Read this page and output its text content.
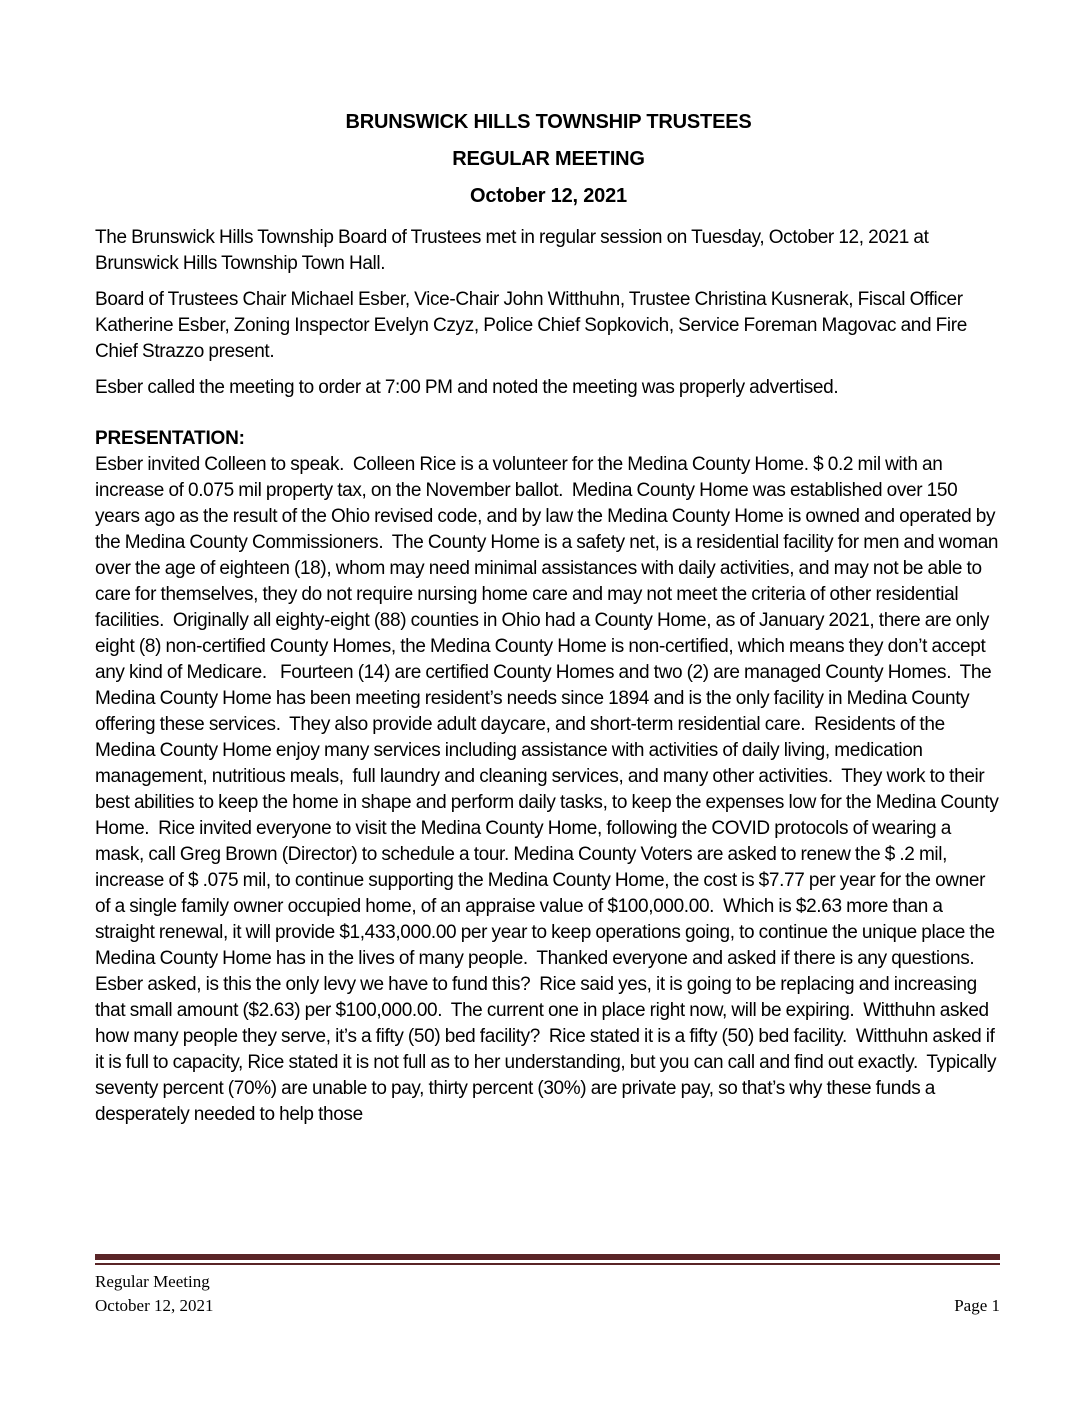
BRUNSWICK HILLS TOWNSHIP TRUSTEES
REGULAR MEETING
October 12, 2021

The Brunswick Hills Township Board of Trustees met in regular session on Tuesday, October 12, 2021 at Brunswick Hills Township Town Hall.

Board of Trustees Chair Michael Esber, Vice-Chair John Witthuhn, Trustee Christina Kusnerak, Fiscal Officer Katherine Esber, Zoning Inspector Evelyn Czyz, Police Chief Sopkovich, Service Foreman Magovac and Fire Chief Strazzo present.

Esber called the meeting to order at 7:00 PM and noted the meeting was properly advertised.

PRESENTATION:

Esber invited Colleen to speak.  Colleen Rice is a volunteer for the Medina County Home. $ 0.2 mil with an increase of 0.075 mil property tax, on the November ballot.  Medina County Home was established over 150 years ago as the result of the Ohio revised code, and by law the Medina County Home is owned and operated by the Medina County Commissioners.  The County Home is a safety net, is a residential facility for men and woman over the age of eighteen (18), whom may need minimal assistances with daily activities, and may not be able to care for themselves, they do not require nursing home care and may not meet the criteria of other residential facilities.  Originally all eighty-eight (88) counties in Ohio had a County Home, as of January 2021, there are only eight (8) non-certified County Homes, the Medina County Home is non-certified, which means they don’t accept any kind of Medicare.   Fourteen (14) are certified County Homes and two (2) are managed County Homes.  The Medina County Home has been meeting resident’s needs since 1894 and is the only facility in Medina County offering these services.  They also provide adult daycare, and short-term residential care.  Residents of the Medina County Home enjoy many services including assistance with activities of daily living, medication management, nutritious meals,  full laundry and cleaning services, and many other activities.  They work to their best abilities to keep the home in shape and perform daily tasks, to keep the expenses low for the Medina County Home.  Rice invited everyone to visit the Medina County Home, following the COVID protocols of wearing a mask, call Greg Brown (Director) to schedule a tour. Medina County Voters are asked to renew the $ .2 mil, increase of $ .075 mil, to continue supporting the Medina County Home, the cost is $7.77 per year for the owner of a single family owner occupied home, of an appraise value of $100,000.00.  Which is $2.63 more than a straight renewal, it will provide $1,433,000.00 per year to keep operations going, to continue the unique place the Medina County Home has in the lives of many people.  Thanked everyone and asked if there is any questions.  Esber asked, is this the only levy we have to fund this?  Rice said yes, it is going to be replacing and increasing that small amount ($2.63) per $100,000.00.  The current one in place right now, will be expiring.  Witthuhn asked how many people they serve, it’s a fifty (50) bed facility?  Rice stated it is a fifty (50) bed facility.  Witthuhn asked if it is full to capacity, Rice stated it is not full as to her understanding, but you can call and find out exactly.  Typically seventy percent (70%) are unable to pay, thirty percent (30%) are private pay, so that’s why these funds a desperately needed to help those

Regular Meeting
October 12, 2021	Page 1
